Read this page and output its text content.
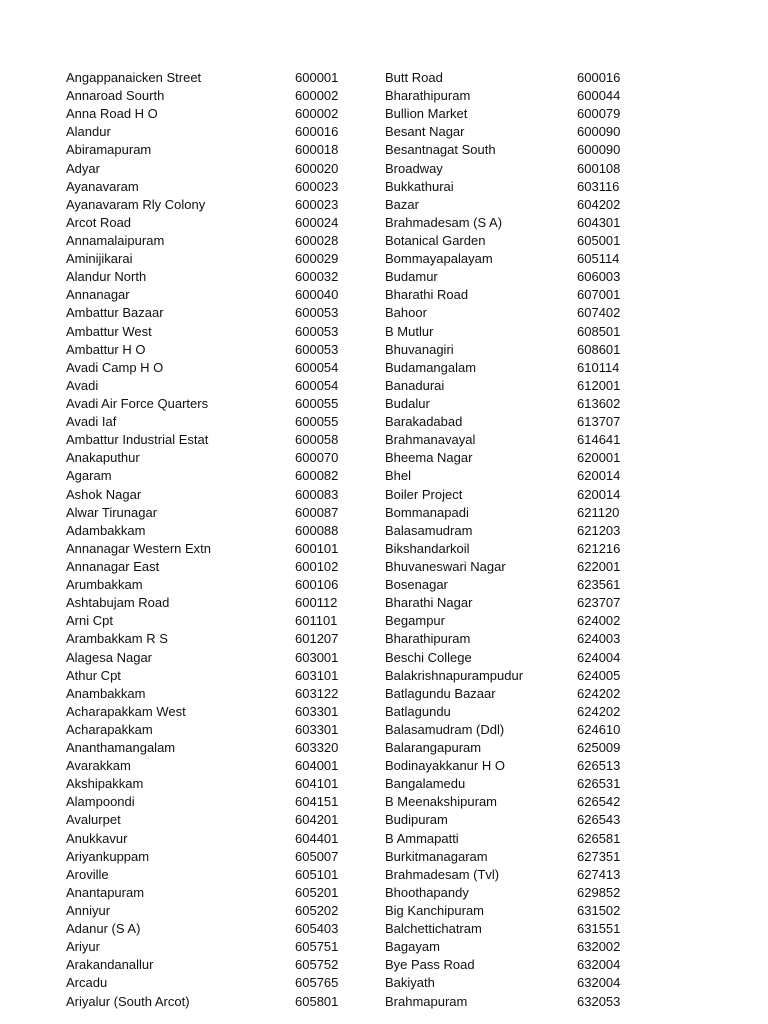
Angappanaicken Street
Annaroad Sourth
Anna Road H O
Alandur
Abiramapuram
Adyar
Ayanavaram
Ayanavaram Rly Colony
Arcot Road
Annamalaipuram
Aminijikarai
Alandur North
Annanagar
Ambattur Bazaar
Ambattur West
Ambattur H O
Avadi Camp H O
Avadi
Avadi Air Force Quarters
Avadi Iaf
Ambattur Industrial Estat
Anakaputhur
Agaram
Ashok Nagar
Alwar Tirunagar
Adambakkam
Annanagar Western Extn
Annanagar East
Arumbakkam
Ashtabujam Road
Arni Cpt
Arambakkam R S
Alagesa Nagar
Athur Cpt
Anambakkam
Acharapakkam West
Acharapakkam
Ananthamangalam
Avarakkam
Akshipakkam
Alampoondi
Avalurpet
Anukkavur
Ariyankuppam
Aroville
Anantapuram
Anniyur
Adanur (S A)
Ariyur
Arakandanallur
Arcadu
Ariyalur (South Arcot)
600001
600002
600002
600016
600018
600020
600023
600023
600024
600028
600029
600032
600040
600053
600053
600053
600054
600054
600055
600055
600058
600070
600082
600083
600087
600088
600101
600102
600106
600112
601101
601207
603001
603101
603122
603301
603301
603320
604001
604101
604151
604201
604401
605007
605101
605201
605202
605403
605751
605752
605765
605801
Butt Road
Bharathipuram
Bullion Market
Besant Nagar
Besantnagat South
Broadway
Bukkathurai
Bazar
Brahmadesam (S A)
Botanical Garden
Bommayapalayam
Budamur
Bharathi Road
Bahoor
B Mutlur
Bhuvanagiri
Budamangalam
Banadurai
Budalur
Barakadabad
Brahmanavayal
Bheema Nagar
Bhel
Boiler Project
Bommanapadi
Balasamudram
Bikshandarkoil
Bhuvaneswari Nagar
Bosenagar
Bharathi Nagar
Begampur
Bharathipuram
Beschi College
Balakrishnapurampudur
Batlagundu Bazaar
Batlagundu
Balasamudram (Ddl)
Balarangapuram
Bodinayakkanur H O
Bangalamedu
B Meenakshipuram
Budipuram
B Ammapatti
Burkitmanagaram
Brahmadesam (Tvl)
Bhoothapandy
Big Kanchipuram
Balchettichatram
Bagayam
Bye Pass Road
Bakiyath
Brahmapuram
600016
600044
600079
600090
600090
600108
603116
604202
604301
605001
605114
606003
607001
607402
608501
608601
610114
612001
613602
613707
614641
620001
620014
620014
621120
621203
621216
622001
623561
623707
624002
624003
624004
624005
624202
624202
624610
625009
626513
626531
626542
626543
626581
627351
627413
629852
631502
631551
632002
632004
632004
632053
